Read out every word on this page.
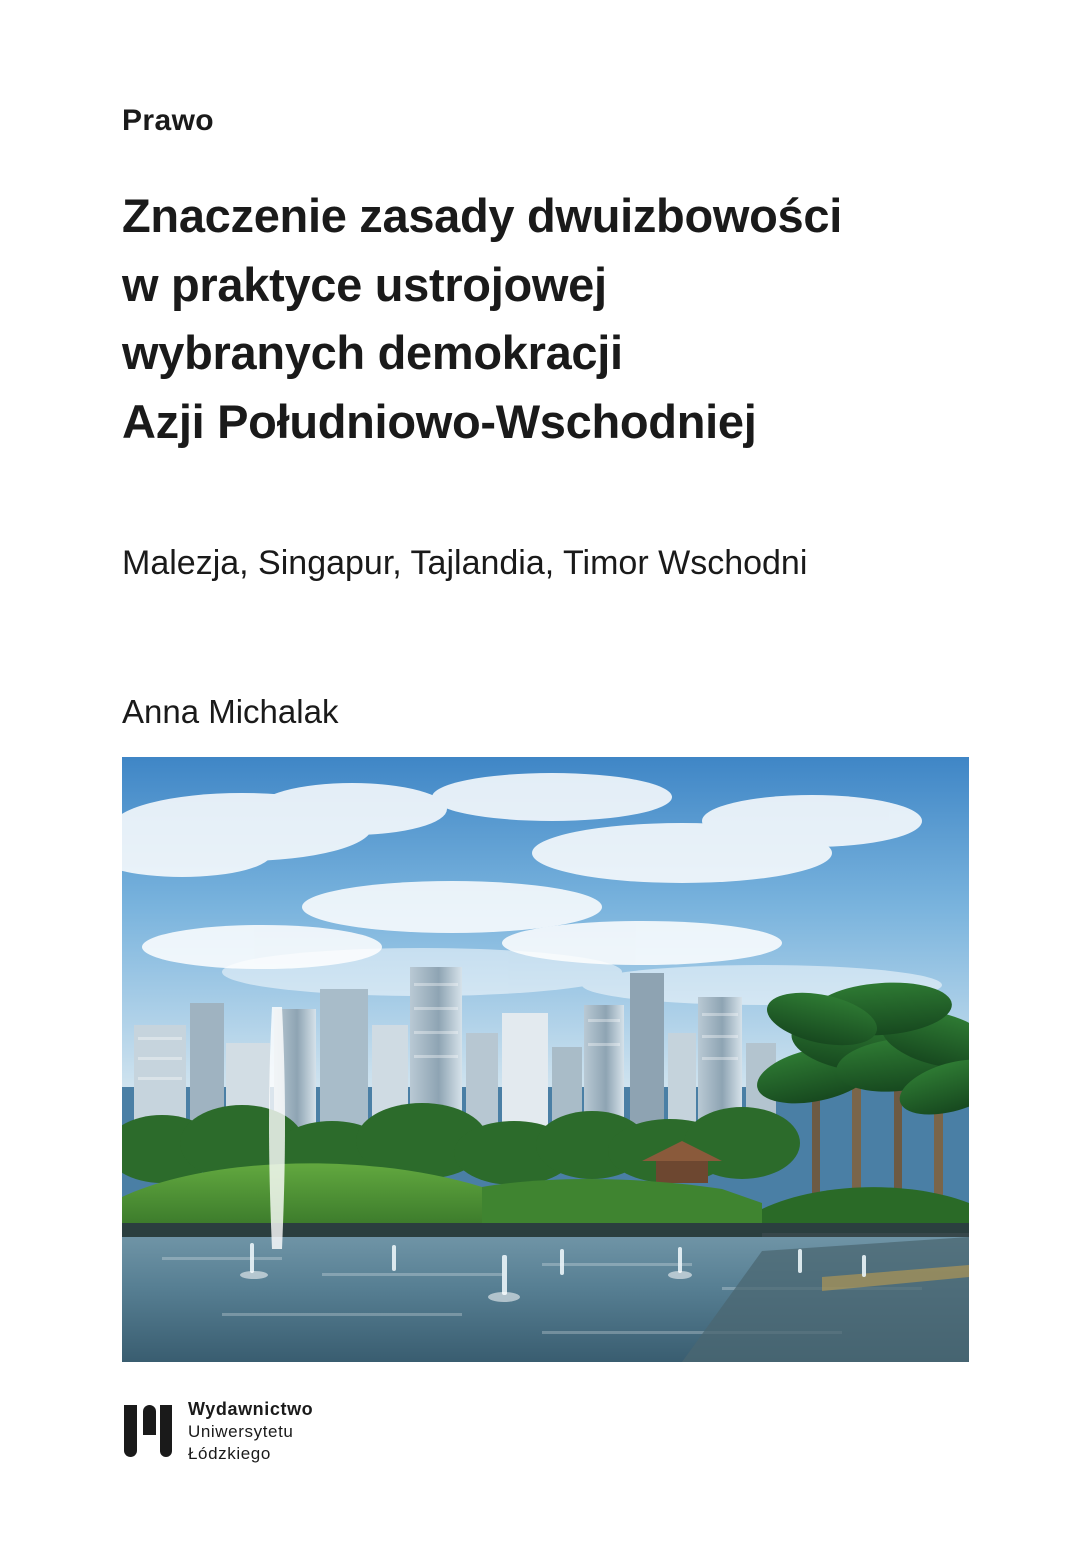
Prawo
Znaczenie zasady dwuizbowości
w praktyce ustrojowej
wybranych demokracji
Azji Południowo-Wschodniej
Malezja, Singapur, Tajlandia, Timor Wschodni
Anna Michalak
Wydawnictwo
Uniwersytetu
Łódzkiego
